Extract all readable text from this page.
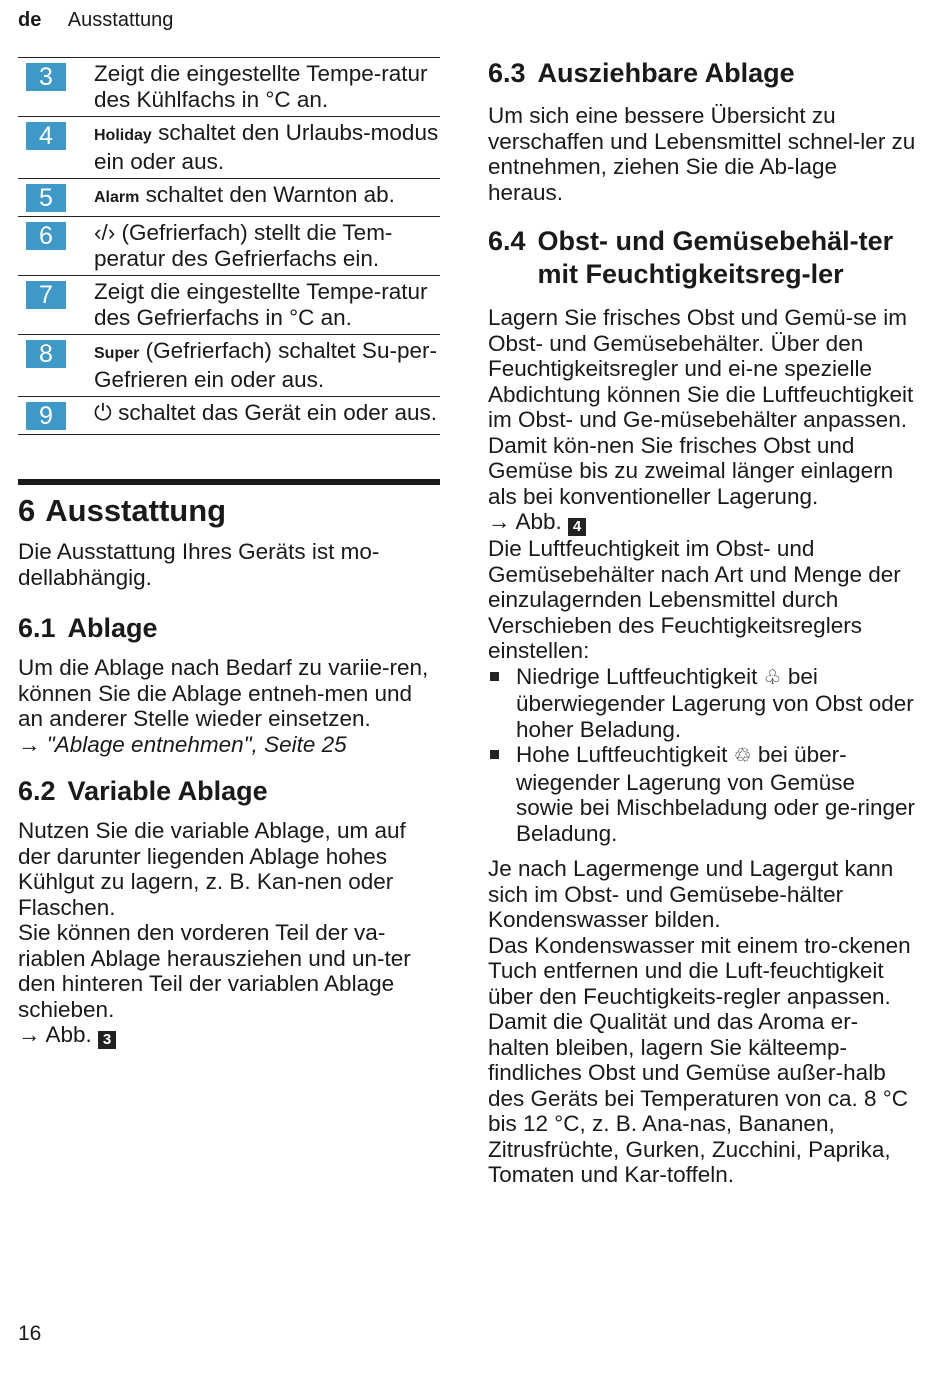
de Ausstattung
3	Zeigt die eingestellte Tempe-ratur des Kühlfachs in °C an.

4	Holiday schaltet den Urlaubs-modus ein oder aus.

5	Alarm schaltet den Warnton ab.

6	‹/› (Gefrierfach) stellt die Tem-peratur des Gefrierfachs ein.

7	Zeigt die eingestellte Tempe-ratur des Gefrierfachs in °C an.

8	Super (Gefrierfach) schaltet Su-per-Gefrieren ein oder aus.

9	⏻ schaltet das Gerät ein oder aus.
6 Ausstattung

Die Ausstattung Ihres Geräts ist mo-dellabhängig.

6.1 Ablage

Um die Ablage nach Bedarf zu variie-ren, können Sie die Ablage entneh-men und an anderer Stelle wieder einsetzen.

→ "Ablage entnehmen", Seite 25

6.2 Variable Ablage

Nutzen Sie die variable Ablage, um auf der darunter liegenden Ablage hohes Kühlgut zu lagern, z. B. Kan-nen oder Flaschen.

Sie können den vorderen Teil der va-riablen Ablage herausziehen und un-ter den hinteren Teil der variablen Ablage schieben.

→ Abb. 3

6.3 Ausziehbare Ablage

Um sich eine bessere Übersicht zu verschaffen und Lebensmittel schnel-ler zu entnehmen, ziehen Sie die Ab-lage heraus.

6.4 Obst- und Gemüsebehäl-ter mit Feuchtigkeitsreg-ler

Lagern Sie frisches Obst und Gemü-se im Obst- und Gemüsebehälter. Über den Feuchtigkeitsregler und ei-ne spezielle Abdichtung können Sie die Luftfeuchtigkeit im Obst- und Ge-müsebehälter anpassen. Damit kön-nen Sie frisches Obst und Gemüse bis zu zweimal länger einlagern als bei konventioneller Lagerung.

→ Abb. 4

Die Luftfeuchtigkeit im Obst- und Gemüsebehälter nach Art und Menge der einzulagernden Lebensmittel durch Verschieben des Feuchtigkeitsreglers einstellen:

Niedrige Luftfeuchtigkeit ♧ bei überwiegender Lagerung von Obst oder hoher Beladung.
Hohe Luftfeuchtigkeit ♲ bei über-wiegender Lagerung von Gemüse sowie bei Mischbeladung oder ge-ringer Beladung.

Je nach Lagermenge und Lagergut kann sich im Obst- und Gemüsebe-hälter Kondenswasser bilden.

Das Kondenswasser mit einem tro-ckenen Tuch entfernen und die Luft-feuchtigkeit über den Feuchtigkeits-regler anpassen.

Damit die Qualität und das Aroma er-halten bleiben, lagern Sie kälteemp-findliches Obst und Gemüse außer-halb des Geräts bei Temperaturen von ca. 8 °C bis 12 °C, z. B. Ana-nas, Bananen, Zitrusfrüchte, Gurken, Zucchini, Paprika, Tomaten und Kar-toffeln.

16
